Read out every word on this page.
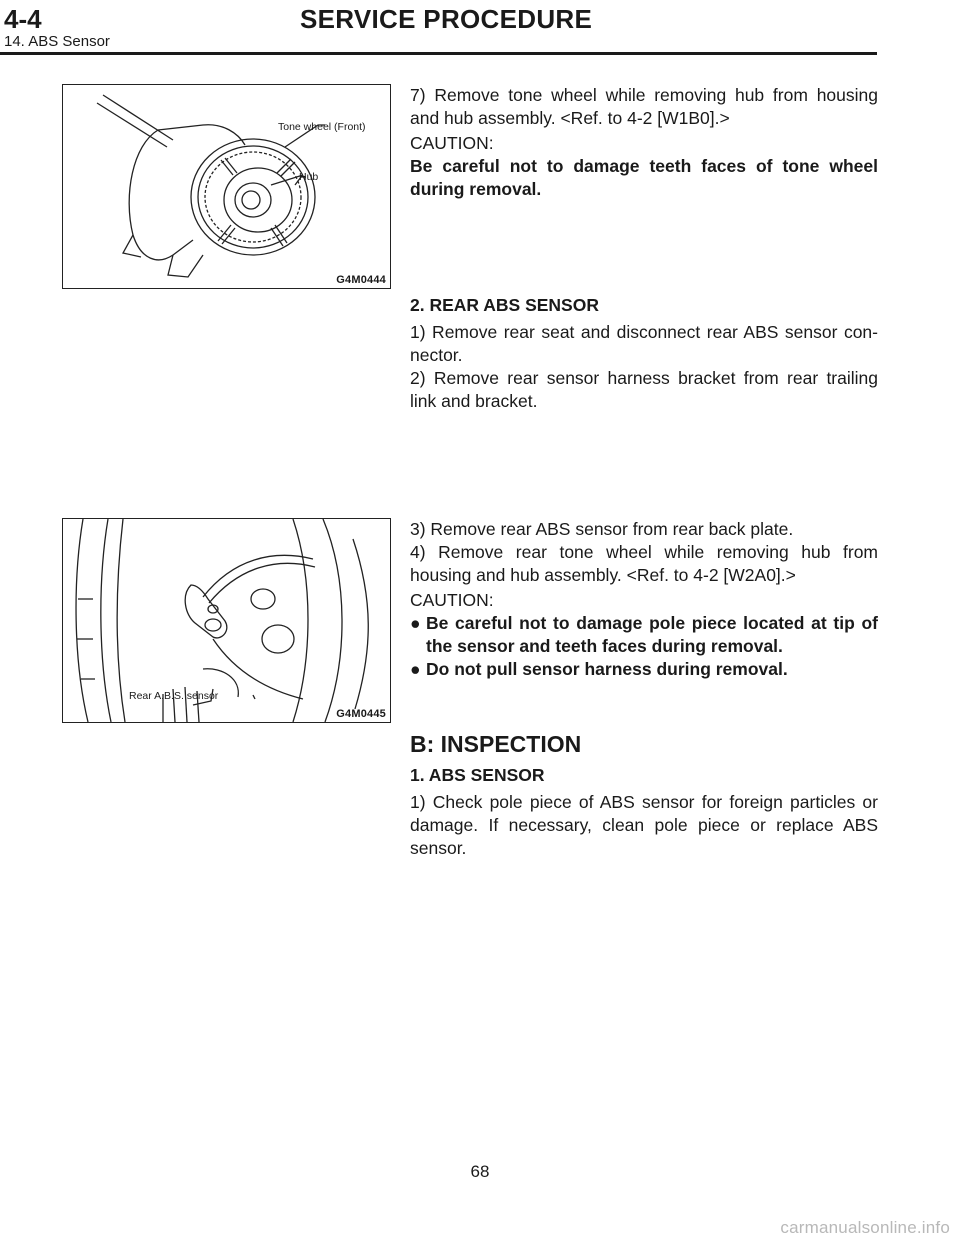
4-4	SERVICE PROCEDURE
14. ABS Sensor
Tone wheel (Front)
Hub
G4M0444
Rear A.B.S. sensor
G4M0445

7) Remove tone wheel while removing hub from housing and hub assembly. <Ref. to 4-2 [W1B0].>

CAUTION:

Be careful not to damage teeth faces of tone wheel during removal.

2. REAR ABS SENSOR

1) Remove rear seat and disconnect rear ABS sensor con-nector.

2) Remove rear sensor harness bracket from rear trailing link and bracket.

3) Remove rear ABS sensor from rear back plate.

4) Remove rear tone wheel while removing hub from housing and hub assembly. <Ref. to 4-2 [W2A0].>

CAUTION:

● Be careful not to damage pole piece located at tip of the sensor and teeth faces during removal.
● Do not pull sensor harness during removal.

B: INSPECTION

1. ABS SENSOR

1) Check pole piece of ABS sensor for foreign particles or damage. If necessary, clean pole piece or replace ABS sensor.

68
carmanualsonline.info
